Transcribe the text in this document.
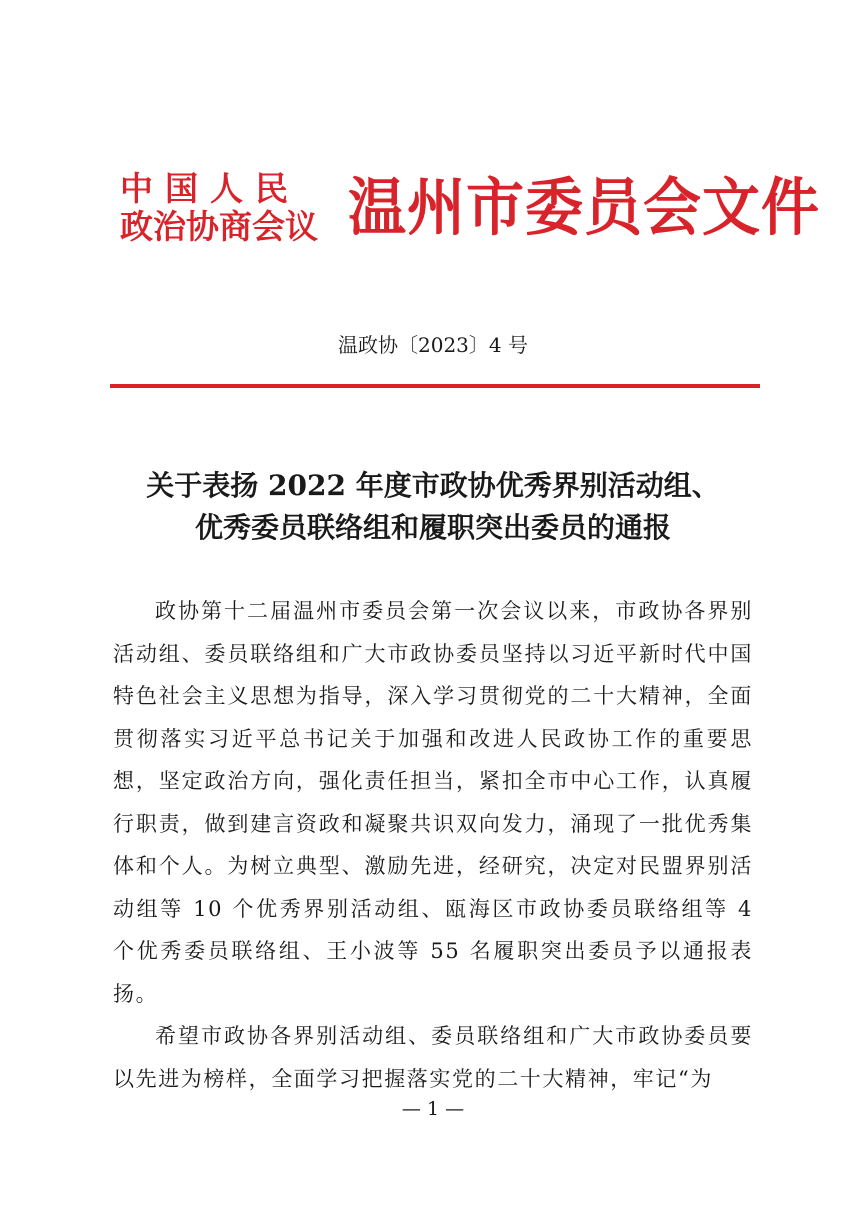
中国人民
政治协商会议 温州市委员会文件
温政协〔2023〕4 号
关于表扬 2022 年度市政协优秀界别活动组、
优秀委员联络组和履职突出委员的通报

政协第十二届温州市委员会第一次会议以来，市政协各界别活动组、委员联络组和广大市政协委员坚持以习近平新时代中国特色社会主义思想为指导，深入学习贯彻党的二十大精神，全面贯彻落实习近平总书记关于加强和改进人民政协工作的重要思想，坚定政治方向，强化责任担当，紧扣全市中心工作，认真履行职责，做到建言资政和凝聚共识双向发力，涌现了一批优秀集体和个人。为树立典型、激励先进，经研究，决定对民盟界别活动组等 10 个优秀界别活动组、瓯海区市政协委员联络组等 4 个优秀委员联络组、王小波等 55 名履职突出委员予以通报表扬。

希望市政协各界别活动组、委员联络组和广大市政协委员要以先进为榜样，全面学习把握落实党的二十大精神，牢记“为

— 1 —
